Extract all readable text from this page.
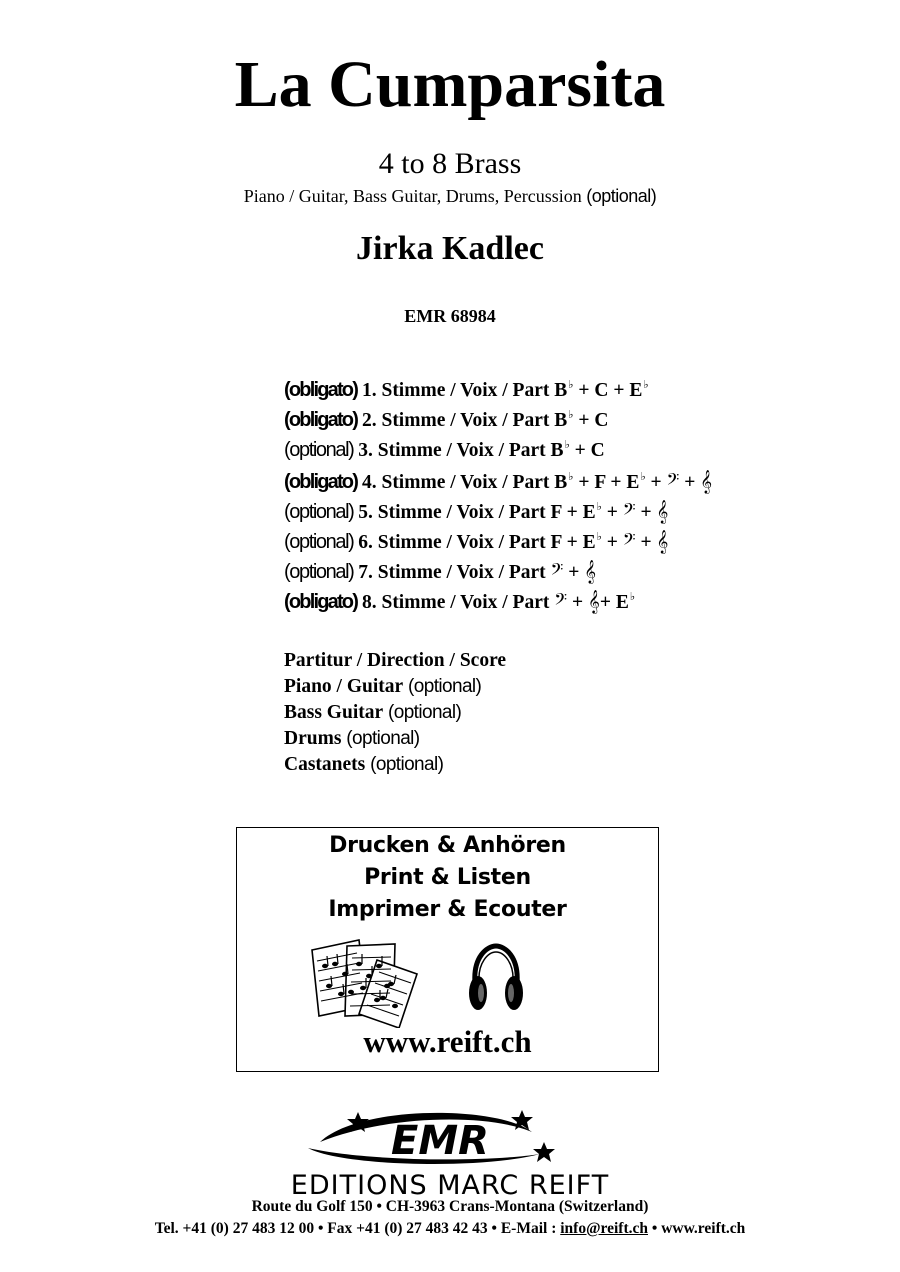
La Cumparsita
4 to 8 Brass
Piano / Guitar, Bass Guitar, Drums, Percussion (optional)
Jirka Kadlec
EMR 68984
(obligato) 1. Stimme / Voix / Part B♭ + C + E♭
(obligato) 2. Stimme / Voix / Part B♭ + C
(optional) 3. Stimme / Voix / Part B♭ + C
(obligato) 4. Stimme / Voix / Part B♭ + F + E♭ + 𝄢 + 𝄞
(optional) 5. Stimme / Voix / Part F + E♭ + 𝄢 + 𝄞
(optional) 6. Stimme / Voix / Part F + E♭ + 𝄢 + 𝄞
(optional) 7. Stimme / Voix / Part 𝄢 + 𝄞
(obligato) 8. Stimme / Voix / Part 𝄢 + 𝄞+ E♭
Partitur / Direction / Score
Piano / Guitar (optional)
Bass Guitar (optional)
Drums (optional)
Castanets (optional)
Drucken & Anhören
Print & Listen
Imprimer & Ecouter
www.reift.ch
EMR
EDITIONS MARC REIFT
Route du Golf 150 • CH-3963 Crans-Montana (Switzerland)
Tel. +41 (0) 27 483 12 00 • Fax +41 (0) 27 483 42 43 • E-Mail : info@reift.ch • www.reift.ch
